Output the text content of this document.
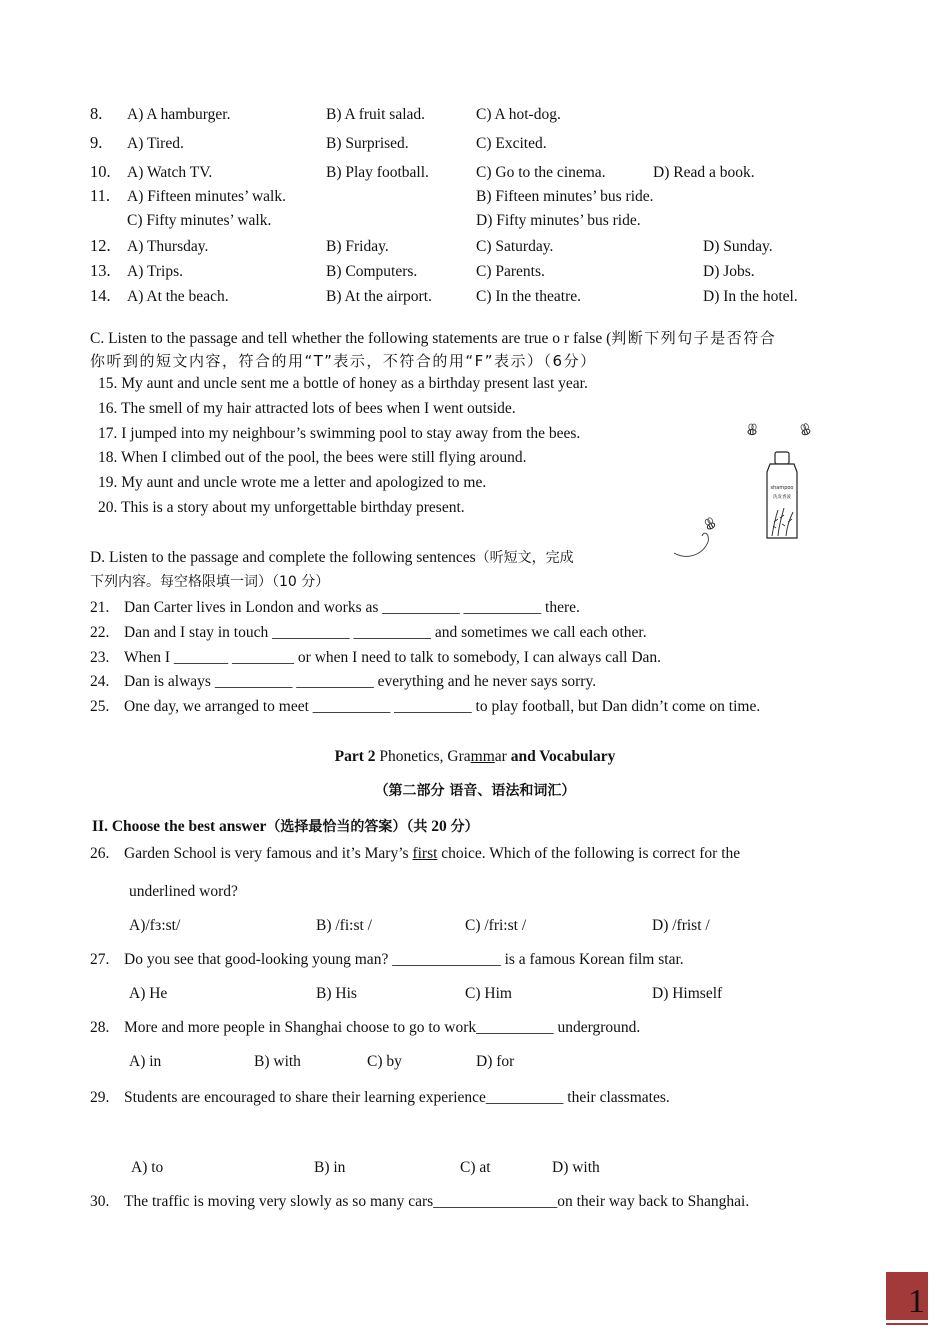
8. A) A hamburger.	B) A fruit salad.	C) A hot-dog.
9. A) Tired.	B) Surprised.	C) Excited.
10. A) Watch TV.	B) Play football.	C) Go to the cinema.	D) Read a book.
11. A) Fifteen minutes’ walk.	B) Fifteen minutes’ bus ride.
C) Fifty minutes’ walk.	D) Fifty minutes’ bus ride.
12. A) Thursday.	B) Friday.	C) Saturday.	D) Sunday.
13. A) Trips.	B) Computers.	C) Parents.	D) Jobs.
14. A) At the beach.	B) At the airport.	C) In the theatre.	D) In the hotel.
C. Listen to the passage and tell whether the following statements are true o r false (判断下列句子是否符合
你听到的短文内容，符合的用“T”表示，不符合的用“F”表示）（6分）
15. My aunt and uncle sent me a bottle of honey as a birthday present last year.
16. The smell of my hair attracted lots of bees when I went outside.
17. I jumped into my neighbour’s swimming pool to stay away from the bees.
18. When I climbed out of the pool, the bees were still flying around.
19. My aunt and uncle wrote me a letter and apologized to me.
20. This is a story about my unforgettable birthday present.
shampoo
洗发香波
D. Listen to the passage and complete the following sentences（听短文，完成
下列内容。每空格限填一词）（10 分）
21. Dan Carter lives in London and works as __________ __________ there.
22. Dan and I stay in touch __________ __________ and sometimes we call each other.
23. When I _______ ________ or when I need to talk to somebody, I can always call Dan.
24. Dan is always __________ __________ everything and he never says sorry.
25. One day, we arranged to meet __________ __________ to play football, but Dan didn’t come on time.
Part 2 Phonetics, Grammar and Vocabulary
（第二部分 语音、语法和词汇）
II. Choose the best answer（选择最恰当的答案）（共 20 分）
26. Garden School is very famous and it’s Mary’s first choice. Which of the following is correct for the
underlined word?
A)/fɜ:st/	B) /fi:st /	C) /fri:st /	D) /frist /
27. Do you see that good-looking young man? ______________ is a famous Korean film star.
A) He	B) His	C) Him	D) Himself
28. More and more people in Shanghai choose to go to work__________ underground.
A) in	B) with	C) by	D) for
29. Students are encouraged to share their learning experience__________ their classmates.
A) to	B) in	C) at	D) with
30. The traffic is moving very slowly as so many cars________________on their way back to Shanghai.
1
